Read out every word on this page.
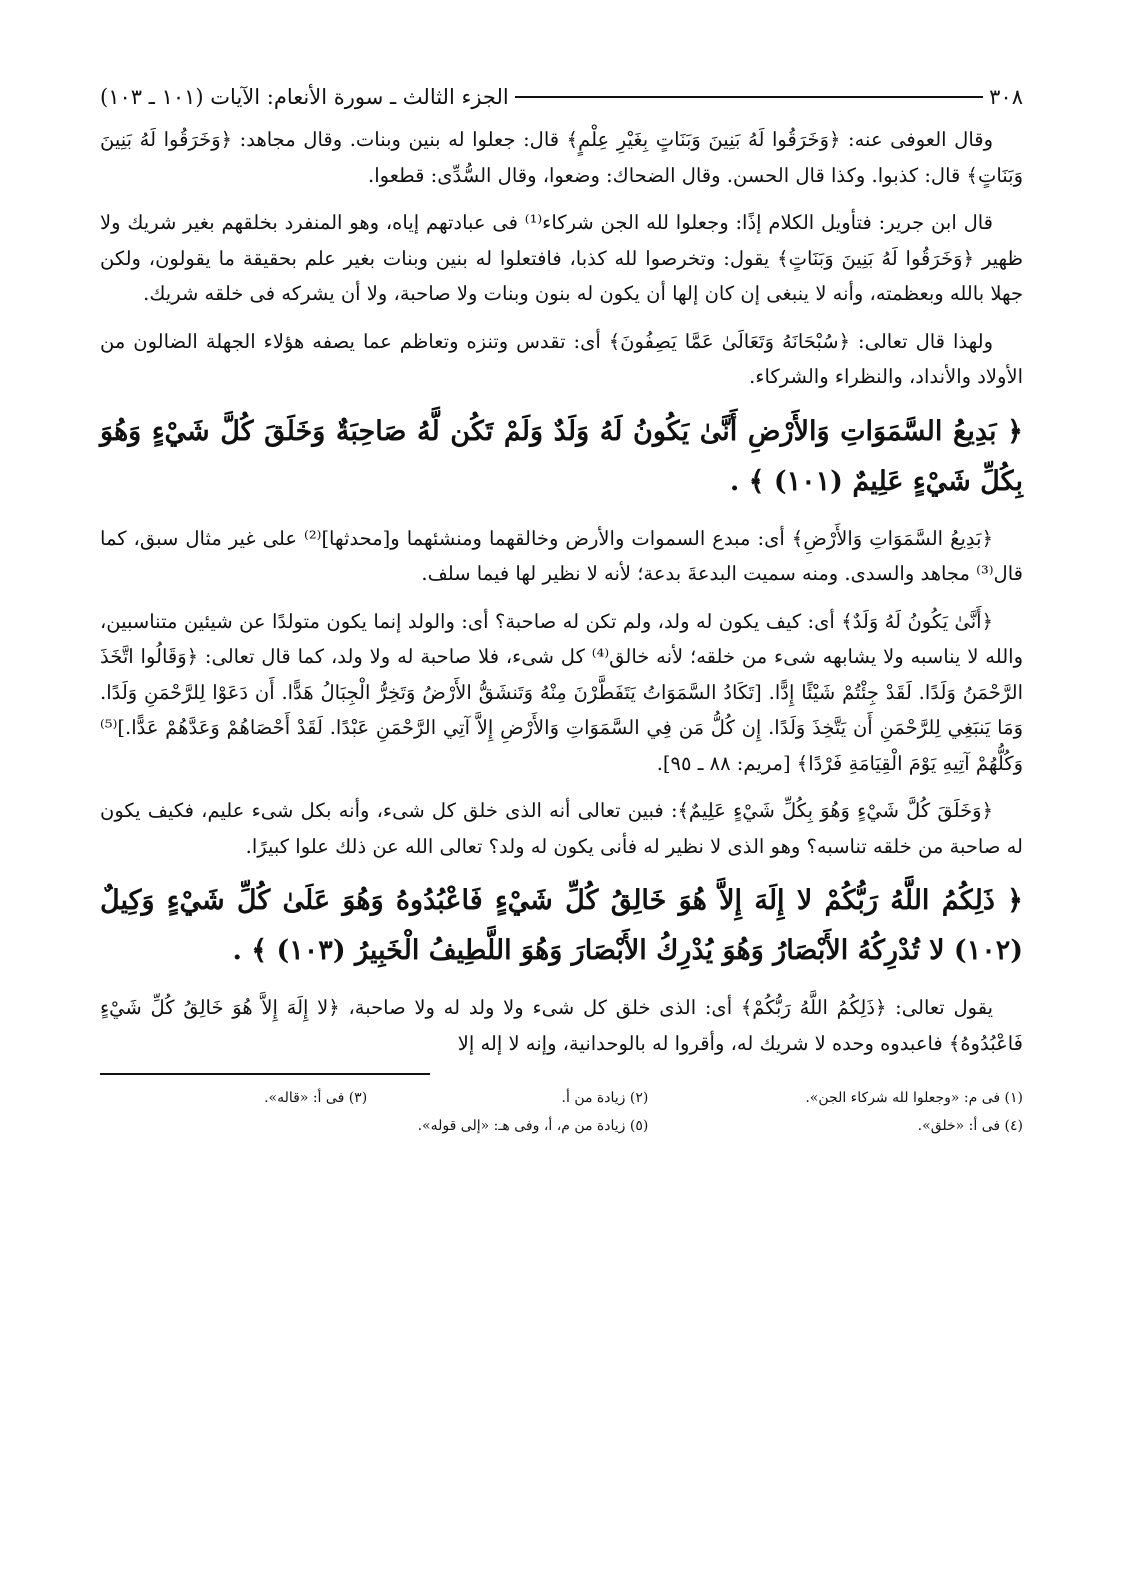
٣٠٨
الجزء الثالث ـ سورة الأنعام: الآيات (١٠١ ـ ١٠٣)

وقال العوفى عنه: ﴿وَخَرَقُوا لَهُ بَنِينَ وَبَنَاتٍ بِغَيْرِ عِلْمٍ﴾ قال: جعلوا له بنين وبنات. وقال مجاهد: ﴿وَخَرَقُوا لَهُ بَنِينَ وَبَنَاتٍ﴾ قال: كذبوا. وكذا قال الحسن. وقال الضحاك: وضعوا، وقال السُّدِّى: قطعوا.

قال ابن جرير: فتأويل الكلام إذًا: وجعلوا لله الجن شركاء⁽¹⁾ فى عبادتهم إياه، وهو المنفرد بخلقهم بغير شريك ولا ظهير ﴿وَخَرَقُوا لَهُ بَنِينَ وَبَنَاتٍ﴾ يقول: وتخرصوا لله كذبا، فافتعلوا له بنين وبنات بغير علم بحقيقة ما يقولون، ولكن جهلا بالله وبعظمته، وأنه لا ينبغى إن كان إلها أن يكون له بنون وبنات ولا صاحبة، ولا أن يشركه فى خلقه شريك.

ولهذا قال تعالى: ﴿سُبْحَانَهُ وَتَعَالَىٰ عَمَّا يَصِفُونَ﴾ أى: تقدس وتنزه وتعاظم عما يصفه هؤلاء الجهلة الضالون من الأولاد والأنداد، والنظراء والشركاء.

﴿ بَدِيعُ السَّمَوَاتِ وَالأَرْضِ أَنَّىٰ يَكُونُ لَهُ وَلَدٌ وَلَمْ تَكُن لَّهُ صَاحِبَةٌ وَخَلَقَ كُلَّ شَيْءٍ وَهُوَ بِكُلِّ شَيْءٍ عَلِيمٌ (١٠١) ﴾ .

﴿بَدِيعُ السَّمَوَاتِ وَالأَرْضِ﴾ أى: مبدع السموات والأرض وخالقهما ومنشئهما و[محدثها]⁽²⁾ على غير مثال سبق، كما قال⁽³⁾ مجاهد والسدى. ومنه سميت البدعةَ بدعة؛ لأنه لا نظير لها فيما سلف.

﴿أَنَّىٰ يَكُونُ لَهُ وَلَدٌ﴾ أى: كيف يكون له ولد، ولم تكن له صاحبة؟ أى: والولد إنما يكون متولدًا عن شيئين متناسبين، والله لا يناسبه ولا يشابهه شىء من خلقه؛ لأنه خالق⁽⁴⁾ كل شىء، فلا صاحبة له ولا ولد، كما قال تعالى: ﴿وَقَالُوا اتَّخَذَ الرَّحْمَنُ وَلَدًا. لَقَدْ جِئْتُمْ شَيْئًا إِدًّا. [تَكَادُ السَّمَوَاتُ يَتَفَطَّرْنَ مِنْهُ وَتَنشَقُّ الأَرْضُ وَتَخِرُّ الْجِبَالُ هَدًّا. أَن دَعَوْا لِلرَّحْمَنِ وَلَدًا. وَمَا يَنبَغِي لِلرَّحْمَنِ أَن يَتَّخِذَ وَلَدًا. إِن كُلُّ مَن فِي السَّمَوَاتِ وَالأَرْضِ إِلاَّ آتِي الرَّحْمَنِ عَبْدًا. لَقَدْ أَحْصَاهُمْ وَعَدَّهُمْ عَدًّا.]⁽⁵⁾ وَكُلُّهُمْ آتِيهِ يَوْمَ الْقِيَامَةِ فَرْدًا﴾ [مريم: ٨٨ ـ ٩٥].

﴿وَخَلَقَ كُلَّ شَيْءٍ وَهُوَ بِكُلِّ شَيْءٍ عَلِيمٌ﴾: فبين تعالى أنه الذى خلق كل شىء، وأنه بكل شىء عليم، فكيف يكون له صاحبة من خلقه تناسبه؟ وهو الذى لا نظير له فأنى يكون له ولد؟ تعالى الله عن ذلك علوا كبيرًا.

﴿ ذَلِكُمُ اللَّهُ رَبُّكُمْ لا إِلَهَ إِلاَّ هُوَ خَالِقُ كُلِّ شَيْءٍ فَاعْبُدُوهُ وَهُوَ عَلَىٰ كُلِّ شَيْءٍ وَكِيلٌ (١٠٢) لا تُدْرِكُهُ الأَبْصَارُ وَهُوَ يُدْرِكُ الأَبْصَارَ وَهُوَ اللَّطِيفُ الْخَبِيرُ (١٠٣) ﴾ .

يقول تعالى: ﴿ذَلِكُمُ اللَّهُ رَبُّكُمْ﴾ أى: الذى خلق كل شىء ولا ولد له ولا صاحبة، ﴿لا إِلَهَ إِلاَّ هُوَ خَالِقُ كُلِّ شَيْءٍ فَاعْبُدُوهُ﴾ فاعبدوه وحده لا شريك له، وأقروا له بالوحدانية، وإنه لا إله إلا

(١) فى م: «وجعلوا لله شركاء الجن».
(٢) زيادة من أ.
(٣) فى أ: «قاله».
(٤) فى أ: «خلق».
(٥) زيادة من م، أ، وفى هـ: «إلى قوله».
